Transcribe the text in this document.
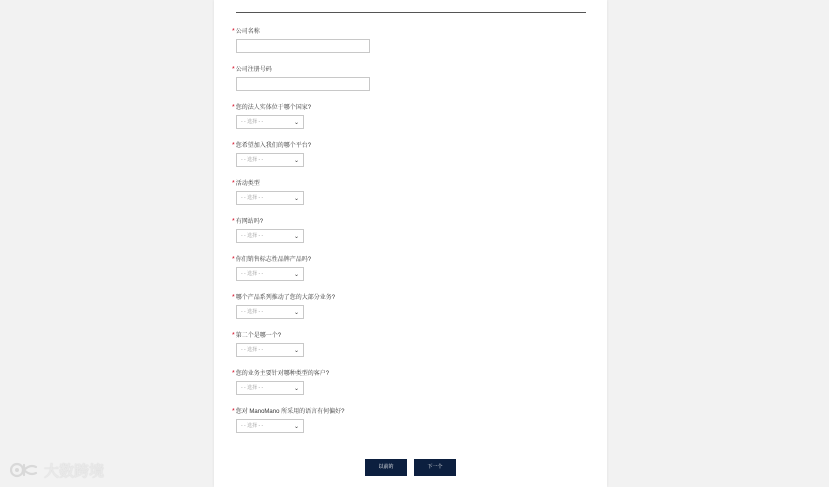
*公司名称
*公司注册号码
*您的法人实体位于哪个国家?
- - 选择 - -	⌄
*您希望加入我们的哪个平台?
- - 选择 - -	⌄
*活动类型
- - 选择 - -	⌄
*有网站吗?
- - 选择 - -	⌄
*你们销售标志性品牌产品吗?
- - 选择 - -	⌄
*哪个产品系列推动了您的大部分业务?
- - 选择 - -	⌄
*第二个是哪一个?
- - 选择 - -	⌄
*您的业务主要针对哪种类型的客户?
- - 选择 - -	⌄
*您对 ManoMano 所采用的语言有何偏好?
- - 选择 - -	⌄
以前的	下一个
大数跨境
